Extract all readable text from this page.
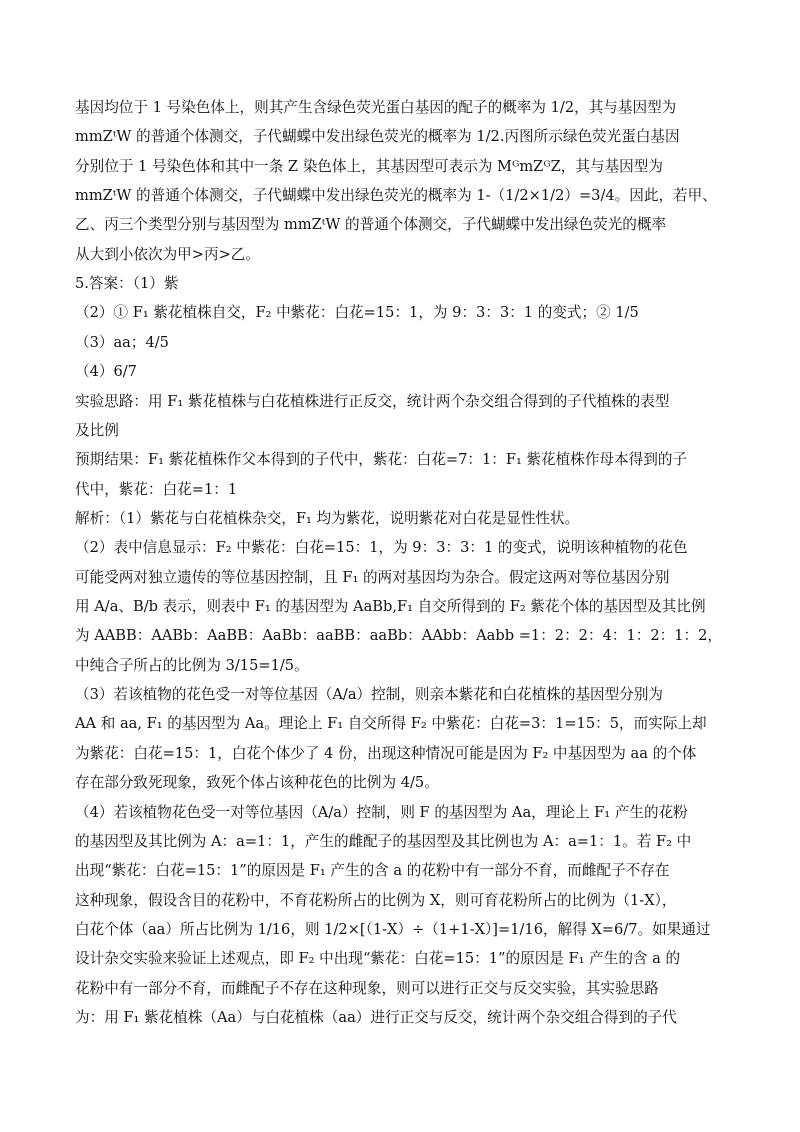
基因均位于 1 号染色体上，则其产生含绿色荧光蛋白基因的配子的概率为 1/2，其与基因型为
mmZᵗW 的普通个体测交，子代蝴蝶中发出绿色荧光的概率为 1/2.丙图所示绿色荧光蛋白基因
分别位于 1 号染色体和其中一条 Z 染色体上，其基因型可表示为 MᴳmZᴳZ，其与基因型为
mmZᵗW 的普通个体测交，子代蝴蝶中发出绿色荧光的概率为 1-（1/2×1/2）=3/4。因此，若甲、
乙、丙三个类型分别与基因型为 mmZᵗW 的普通个体测交，子代蝴蝶中发出绿色荧光的概率
从大到小依次为甲>丙>乙。
5.答案：（1）紫
（2）① F₁ 紫花植株自交，F₂ 中紫花：白花=15：1，为 9：3：3：1 的变式；② 1/5
（3）aa；4/5
（4）6/7
实验思路：用 F₁ 紫花植株与白花植株进行正反交，统计两个杂交组合得到的子代植株的表型
及比例
预期结果：F₁ 紫花植株作父本得到的子代中，紫花：白花=7：1：F₁ 紫花植株作母本得到的子
代中，紫花：白花=1：1
解析：（1）紫花与白花植株杂交，F₁ 均为紫花，说明紫花对白花是显性性状。
（2）表中信息显示：F₂ 中紫花：白花=15：1，为 9：3：3：1 的变式，说明该种植物的花色
可能受两对独立遗传的等位基因控制，且 F₁ 的两对基因均为杂合。假定这两对等位基因分别
用 A/a、B/b 表示，则表中 F₁ 的基因型为 AaBb,F₁ 自交所得到的 F₂ 紫花个体的基因型及其比例
为 AABB：AABb：AaBB：AaBb：aaBB：aaBb：AAbb：Aabb =1：2：2：4：1：2：1：2，
中纯合子所占的比例为 3/15=1/5。
（3）若该植物的花色受一对等位基因（A/a）控制，则亲本紫花和白花植株的基因型分别为
AA 和 aa, F₁ 的基因型为 Aa。理论上 F₁ 自交所得 F₂ 中紫花：白花=3：1=15：5，而实际上却
为紫花：白花=15：1，白花个体少了 4 份，出现这种情况可能是因为 F₂ 中基因型为 aa 的个体
存在部分致死现象，致死个体占该种花色的比例为 4/5。
（4）若该植物花色受一对等位基因（A/a）控制，则 F 的基因型为 Aa，理论上 F₁ 产生的花粉
的基因型及其比例为 A：a=1：1，产生的雌配子的基因型及其比例也为 A：a=1：1。若 F₂ 中
出现“紫花：白花=15：1”的原因是 F₁ 产生的含 a 的花粉中有一部分不育，而雌配子不存在
这种现象，假设含目的花粉中，不育花粉所占的比例为 X，则可育花粉所占的比例为（1-X），
白花个体（aa）所占比例为 1/16，则 1/2×[（1-X）÷（1+1-X）]=1/16，解得 X=6/7。如果通过
设计杂交实验来验证上述观点，即 F₂ 中出现“紫花：白花=15：1”的原因是 F₁ 产生的含 a 的
花粉中有一部分不育，而雌配子不存在这种现象，则可以进行正交与反交实验，其实验思路
为：用 F₁ 紫花植株（Aa）与白花植株（aa）进行正交与反交，统计两个杂交组合得到的子代
